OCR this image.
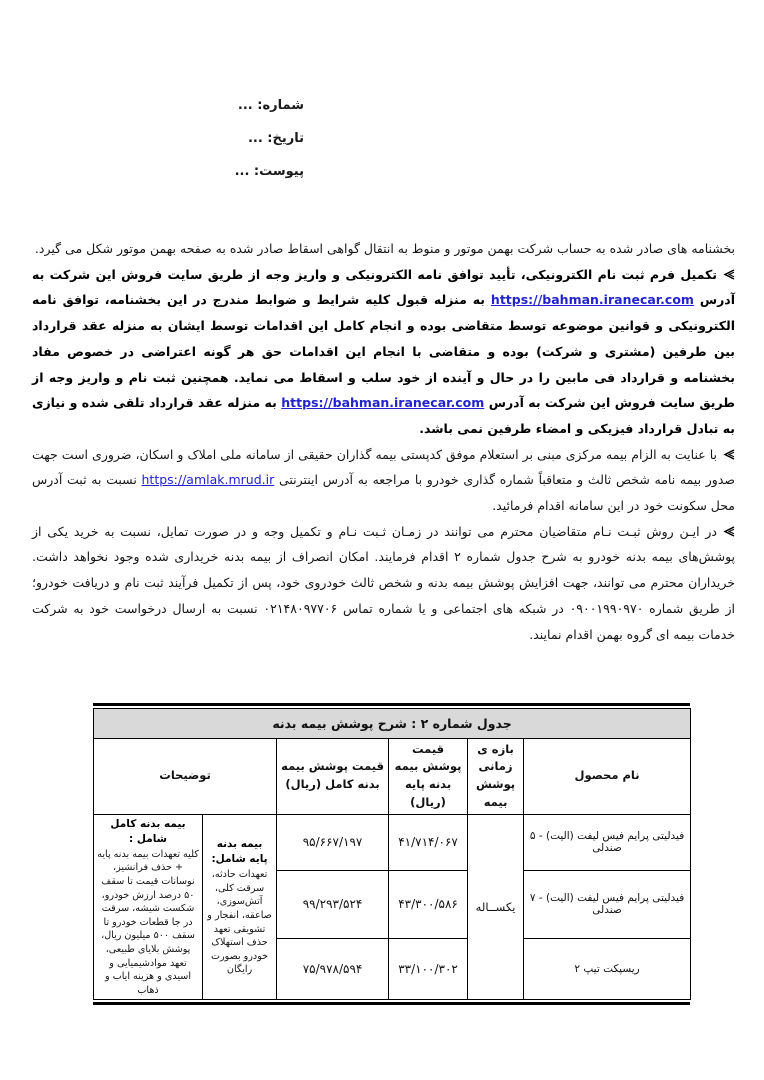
شماره: ...
تاریخ: ...
پیوست: ...

بخشنامه های صادر شده به حساب شرکت بهمن موتور و منوط به انتقال گواهی اسقاط صادر شده به صفحه بهمن موتور شکل می گیرد.

تکمیل فرم ثبت نام الکترونیکی، تأیید توافق نامه الکترونیکی و واریز وجه از طریق سایت فروش این شرکت به آدرس https://bahman.iranecar.com به منزله قبول کلیه شرایط و ضوابط مندرج در این بخشنامه، توافق نامه الکترونیکی و قوانین موضوعه توسط متقاضی بوده و انجام کامل این اقدامات توسط ایشان به منزله عقد قرارداد بین طرفین (مشتری و شرکت) بوده و متقاضی با انجام این اقدامات حق هر گونه اعتراضی در خصوص مفاد بخشنامه و قرارداد فی مابین را در حال و آینده از خود سلب و اسقاط می نماید. همچنین ثبت نام و واریز وجه از طریق سایت فروش این شرکت به آدرس https://bahman.iranecar.com به منزله عقد قرارداد تلقی شده و نیازی به تبادل قرارداد فیزیکی و امضاء طرفین نمی باشد.

با عنایت به الزام بیمه مرکزی مبنی بر استعلام موفق کدپستی بیمه گذاران حقیقی از سامانه ملی املاک و اسکان، ضروری است جهت صدور بیمه نامه شخص ثالث و متعاقباً شماره گذاری خودرو با مراجعه به آدرس اینترنتی https://amlak.mrud.ir نسبت به ثبت آدرس محل سکونت خود در این سامانه اقدام فرمائید.

در ایـن روش ثبـت نـام متقاضیان محترم می توانند در زمـان ثـبت نـام و تکمیل وجه و در صورت تمایل، نسبت به خرید یکی از پوشش‌های بیمه بدنه خودرو به شرح جدول شماره ۲ اقدام فرمایند. امکان انصراف از بیمه بدنه خریداری شده وجود نخواهد داشت. خریداران محترم می توانند، جهت افزایش پوشش بیمه بدنه و شخص ثالث خودروی خود، پس از تکمیل فرآیند ثبت نام و دریافت خودرو؛ از طریق شماره ۰۹۰۰۱۹۹۰۹۷۰ در شبکه های اجتماعی و یا شماره تماس ۰۲۱۴۸۰۹۷۷۰۶ نسبت به ارسال درخواست خود به شرکت خدمات بیمه ای گروه بهمن اقدام نمایند.

جدول شماره ۲ : شرح پوشش بیمه بدنه					
نام محصول	بازه ی زمانی پوشش بیمه	قیمت پوشش بیمه بدنه پایه (ریال)	قیمت پوشش بیمه بدنه کامل (ریال)	توضیحات	
فیدلیتی پرایم فیس لیفت (الیت) - ۵ صندلی	یکســاله	۴۱/۷۱۴/۰۶۷	۹۵/۶۶۷/۱۹۷	
بیمه بدنه پایه شامل:
تعهدات حادثه، سرقت کلی، آتش‌سوزی، صاعقه، انفجار و تشویقی تعهد حذف استهلاک خودرو بصورت رایگان

بیمه بدنه کامل شامل :
کلیه تعهدات بیمه بدنه پایه + حذف فرانشیز، نوسانات قیمت تا سقف ۵۰ درصد ارزش خودرو، شکست شیشه، سرقت در جا قطعات خودرو تا سقف ۵۰۰ میلیون ریال، پوشش بلایای طبیعی، تعهد موادشیمیایی و اسیدی و هزینه ایاب و ذهاب

فیدلیتی پرایم فیس لیفت (الیت) - ۷ صندلی		۴۳/۳۰۰/۵۸۶	۹۹/۲۹۳/۵۲۴		
ریسپکت تیپ ۲		۳۳/۱۰۰/۳۰۲	۷۵/۹۷۸/۵۹۴		
